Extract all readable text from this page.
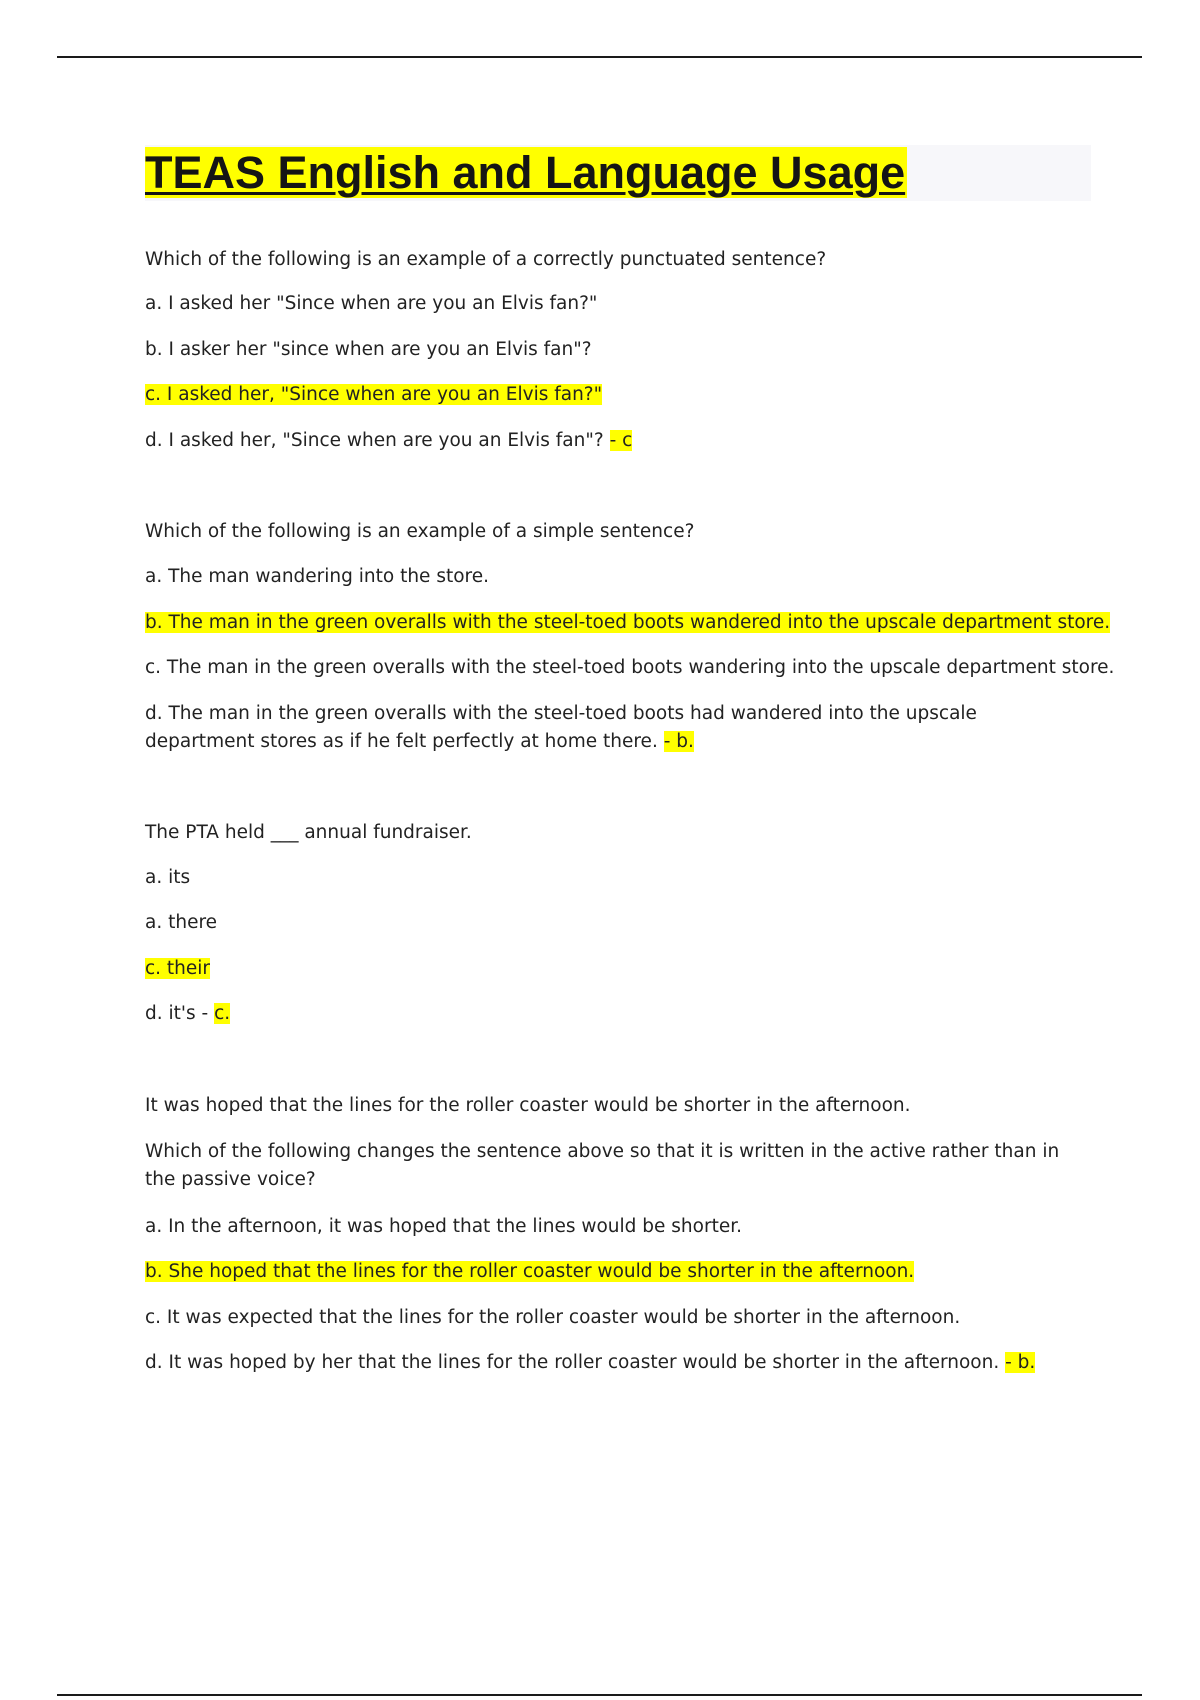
TEAS English and Language Usage

Which of the following is an example of a correctly punctuated sentence?

a. I asked her "Since when are you an Elvis fan?"

b. I asker her "since when are you an Elvis fan"?

c. I asked her, "Since when are you an Elvis fan?"

d. I asked her, "Since when are you an Elvis fan"? - c

Which of the following is an example of a simple sentence?

a. The man wandering into the store.

b. The man in the green overalls with the steel-toed boots wandered into the upscale department store.

c. The man in the green overalls with the steel-toed boots wandering into the upscale department store.

d. The man in the green overalls with the steel-toed boots had wandered into the upscale department stores as if he felt perfectly at home there. - b.

The PTA held ___ annual fundraiser.

a. its

a. there

c. their

d. it's - c.

It was hoped that the lines for the roller coaster would be shorter in the afternoon.

Which of the following changes the sentence above so that it is written in the active rather than in the passive voice?

a. In the afternoon, it was hoped that the lines would be shorter.

b. She hoped that the lines for the roller coaster would be shorter in the afternoon.

c. It was expected that the lines for the roller coaster would be shorter in the afternoon.

d. It was hoped by her that the lines for the roller coaster would be shorter in the afternoon. - b.
